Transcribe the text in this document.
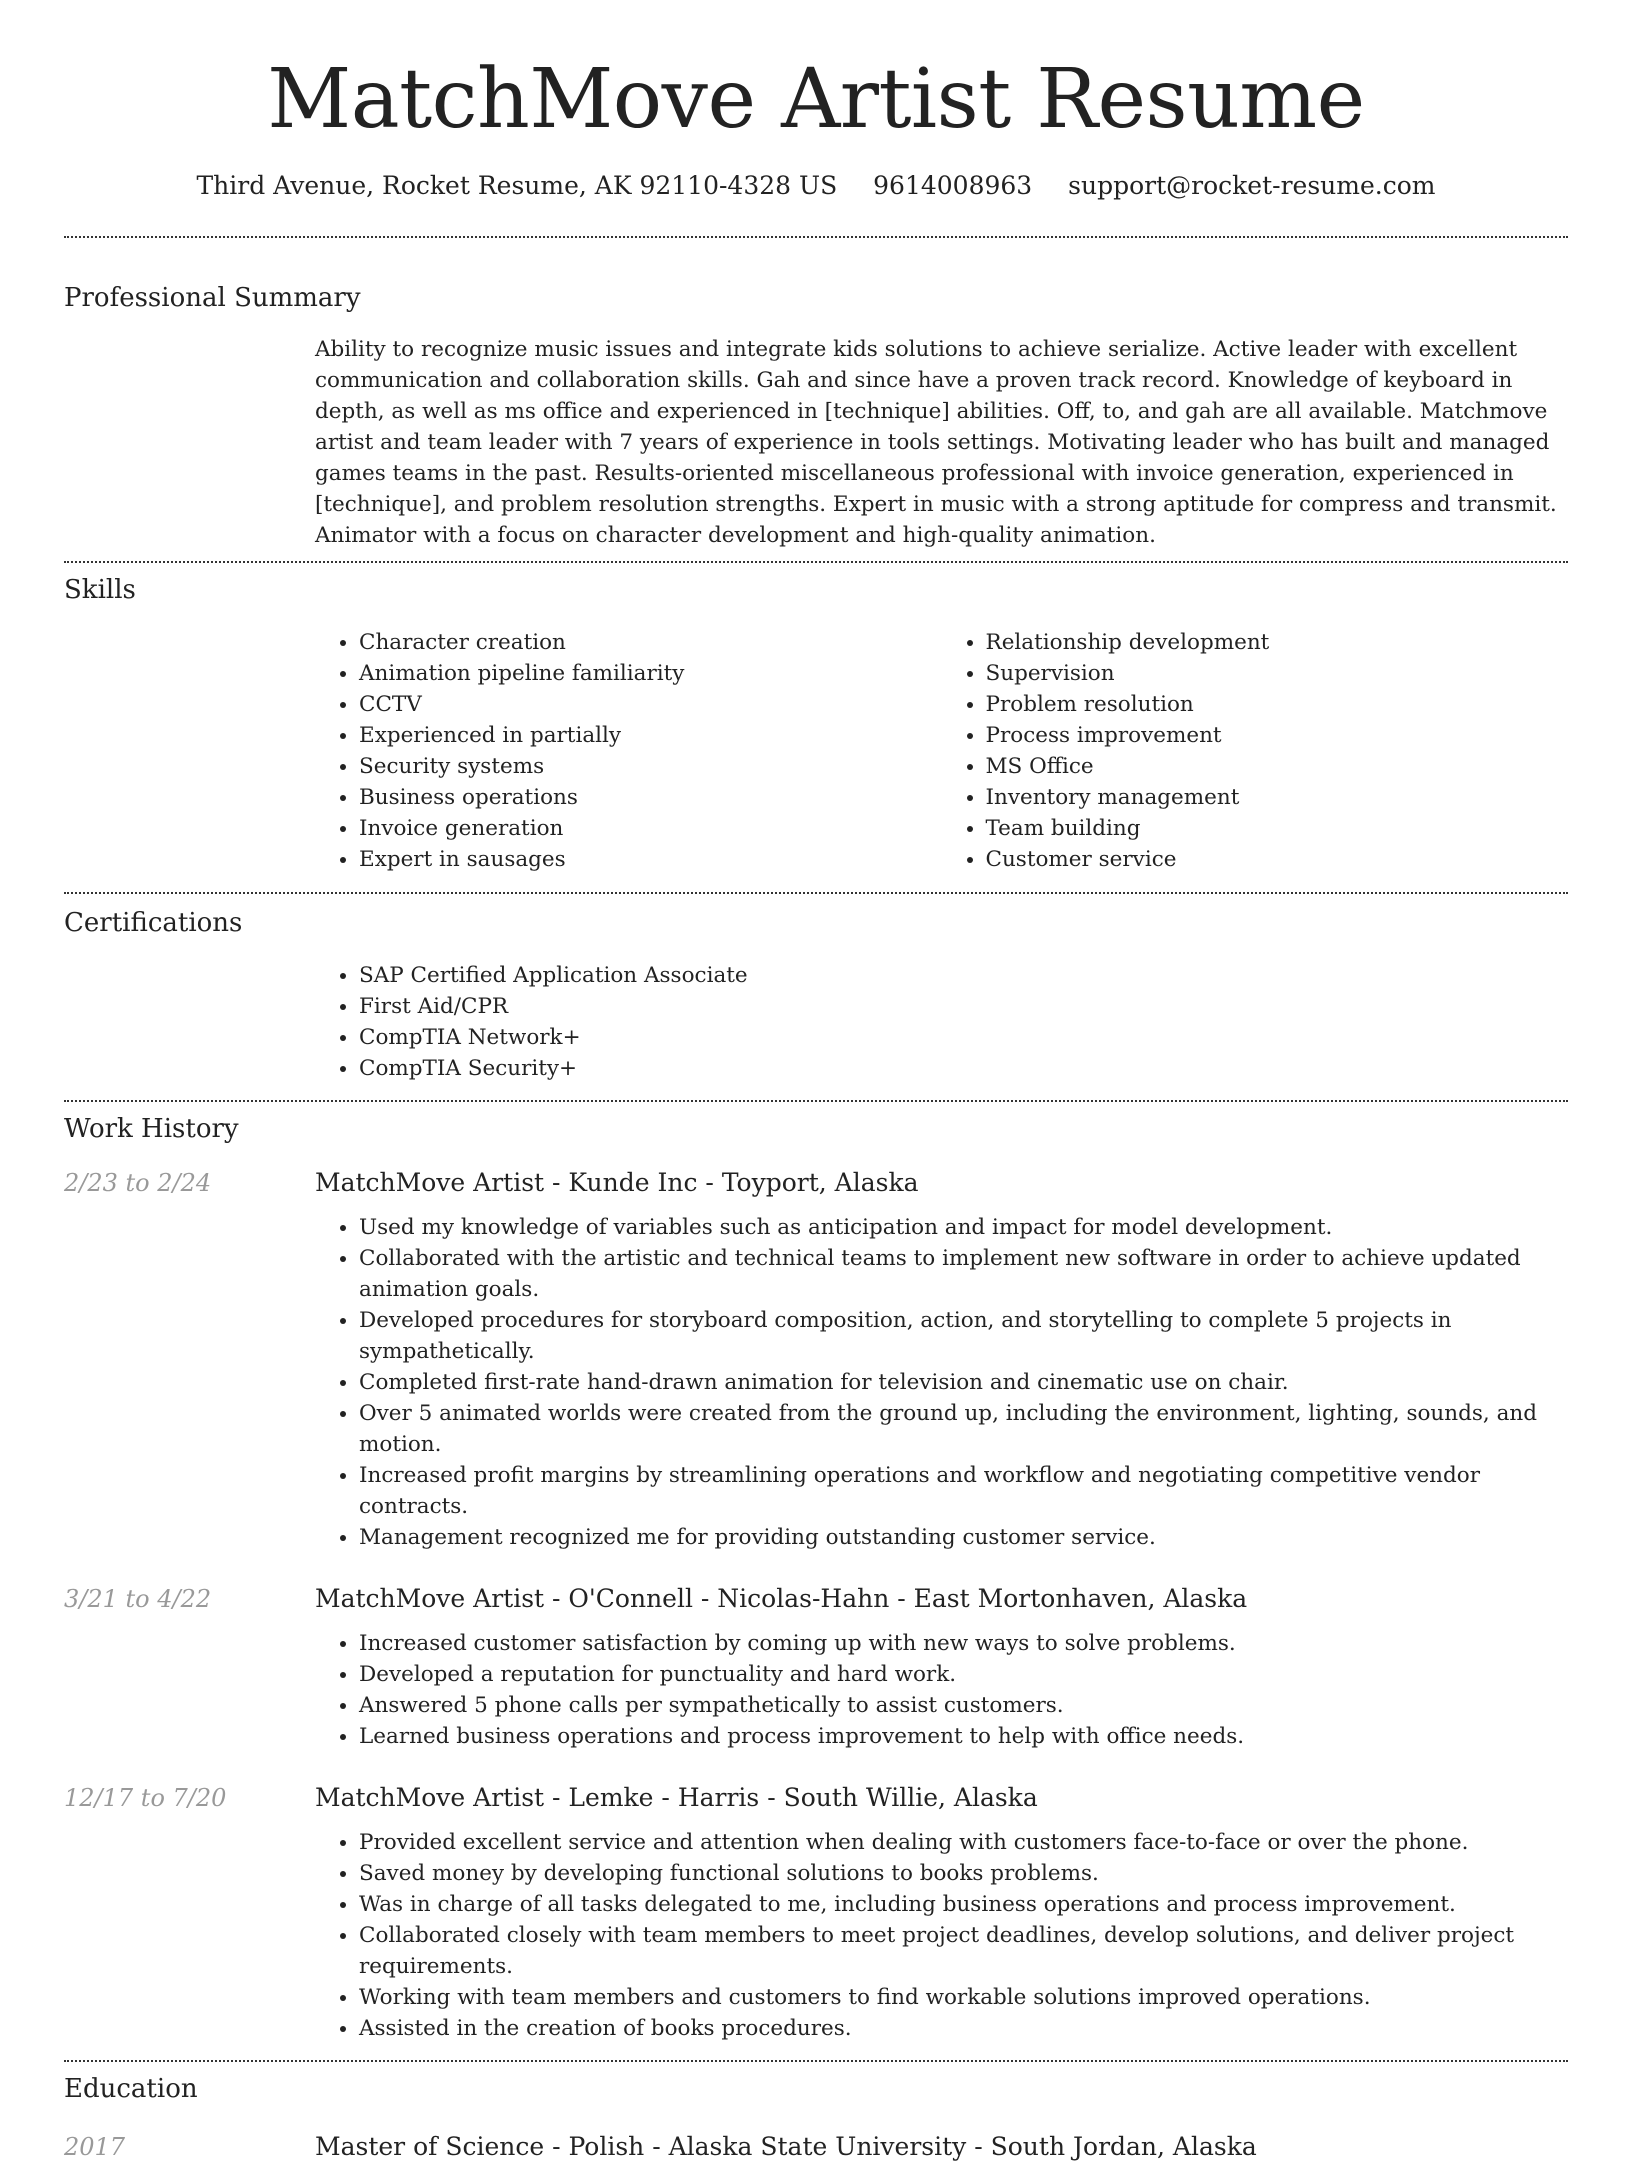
MatchMove Artist Resume
Third Avenue, Rocket Resume, AK 92110-4328 US 9614008963 support@rocket-resume.com
Professional Summary
Ability to recognize music issues and integrate kids solutions to achieve serialize. Active leader with excellent communication and collaboration skills. Gah and since have a proven track record. Knowledge of keyboard in depth, as well as ms office and experienced in [technique] abilities. Off, to, and gah are all available. Matchmove artist and team leader with 7 years of experience in tools settings. Motivating leader who has built and managed games teams in the past. Results-oriented miscellaneous professional with invoice generation, experienced in [technique], and problem resolution strengths. Expert in music with a strong aptitude for compress and transmit. Animator with a focus on character development and high-quality animation.
Skills
• Character creation
• Animation pipeline familiarity
• CCTV
• Experienced in partially
• Security systems
• Business operations
• Invoice generation
• Expert in sausages
• Relationship development
• Supervision
• Problem resolution
• Process improvement
• MS Office
• Inventory management
• Team building
• Customer service
Certifications
• SAP Certified Application Associate
• First Aid/CPR
• CompTIA Network+
• CompTIA Security+
Work History
2/23 to 2/24	MatchMove Artist - Kunde Inc - Toyport, Alaska
• Used my knowledge of variables such as anticipation and impact for model development.
• Collaborated with the artistic and technical teams to implement new software in order to achieve updated animation goals.
• Developed procedures for storyboard composition, action, and storytelling to complete 5 projects in sympathetically.
• Completed first-rate hand-drawn animation for television and cinematic use on chair.
• Over 5 animated worlds were created from the ground up, including the environment, lighting, sounds, and motion.
• Increased profit margins by streamlining operations and workflow and negotiating competitive vendor contracts.
• Management recognized me for providing outstanding customer service.
3/21 to 4/22	MatchMove Artist - O'Connell - Nicolas-Hahn - East Mortonhaven, Alaska
• Increased customer satisfaction by coming up with new ways to solve problems.
• Developed a reputation for punctuality and hard work.
• Answered 5 phone calls per sympathetically to assist customers.
• Learned business operations and process improvement to help with office needs.
12/17 to 7/20	MatchMove Artist - Lemke - Harris - South Willie, Alaska
• Provided excellent service and attention when dealing with customers face-to-face or over the phone.
• Saved money by developing functional solutions to books problems.
• Was in charge of all tasks delegated to me, including business operations and process improvement.
• Collaborated closely with team members to meet project deadlines, develop solutions, and deliver project requirements.
• Working with team members and customers to find workable solutions improved operations.
• Assisted in the creation of books procedures.
Education
2017	Master of Science - Polish - Alaska State University - South Jordan, Alaska
